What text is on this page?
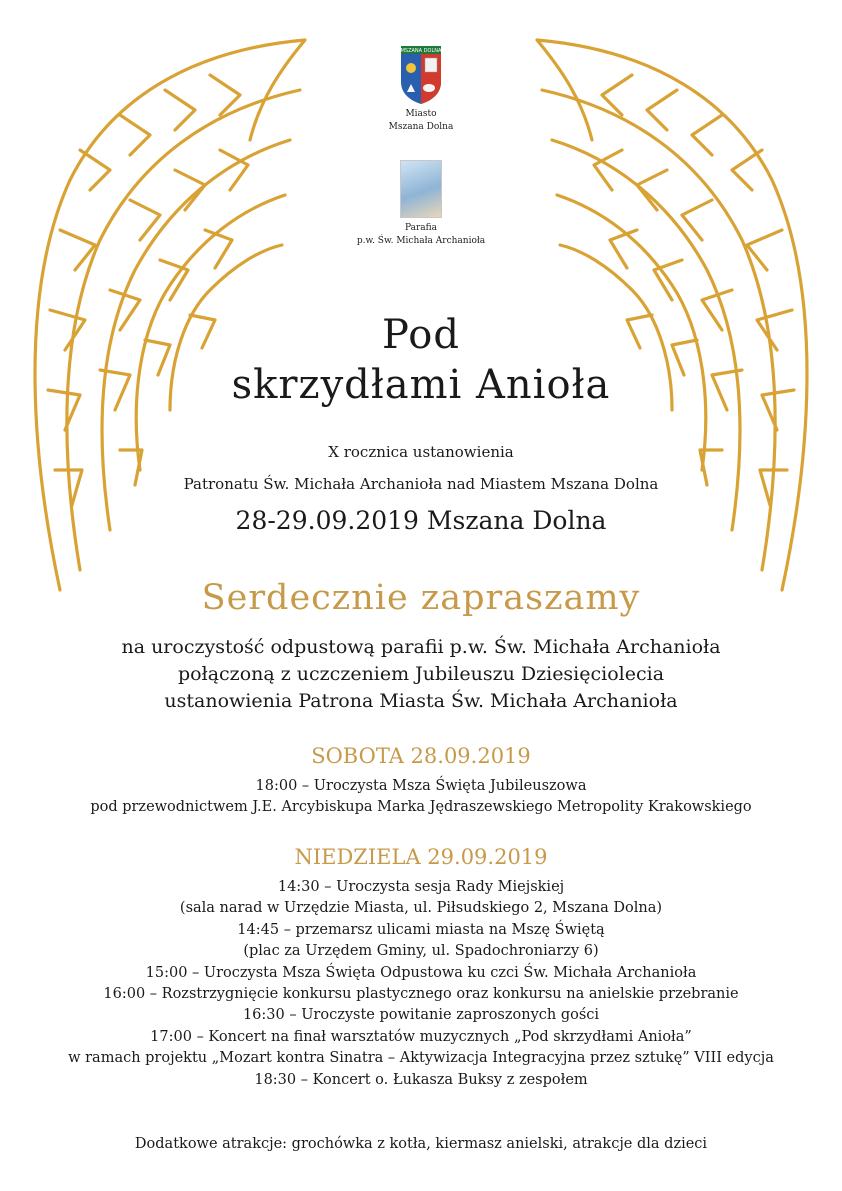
MSZANA DOLNA
Miasto
Mszana Dolna
Parafia
p.w. Św. Michała Archanioła
Pod
skrzydłami Anioła
X rocznica ustanowienia
Patronatu Św. Michała Archanioła nad Miastem Mszana Dolna
28-29.09.2019 Mszana Dolna
Serdecznie zapraszamy
na uroczystość odpustową parafii p.w. Św. Michała Archanioła
połączoną z uczczeniem Jubileuszu Dziesięciolecia
ustanowienia Patrona Miasta Św. Michała Archanioła
SOBOTA 28.09.2019
18:00 – Uroczysta Msza Święta Jubileuszowa
pod przewodnictwem J.E. Arcybiskupa Marka Jędraszewskiego Metropolity Krakowskiego
NIEDZIELA 29.09.2019
14:30 – Uroczysta sesja Rady Miejskiej
(sala narad w Urzędzie Miasta, ul. Piłsudskiego 2, Mszana Dolna)
14:45 – przemarsz ulicami miasta na Mszę Świętą
(plac za Urzędem Gminy, ul. Spadochroniarzy 6)
15:00 – Uroczysta Msza Święta Odpustowa ku czci Św. Michała Archanioła
16:00 – Rozstrzygnięcie konkursu plastycznego oraz konkursu na anielskie przebranie
16:30 – Uroczyste powitanie zaproszonych gości
17:00 – Koncert na finał warsztatów muzycznych „Pod skrzydłami Anioła”
w ramach projektu „Mozart kontra Sinatra – Aktywizacja Integracyjna przez sztukę” VIII edycja
18:30 – Koncert o. Łukasza Buksy z zespołem
Dodatkowe atrakcje: grochówka z kotła, kiermasz anielski, atrakcje dla dzieci
